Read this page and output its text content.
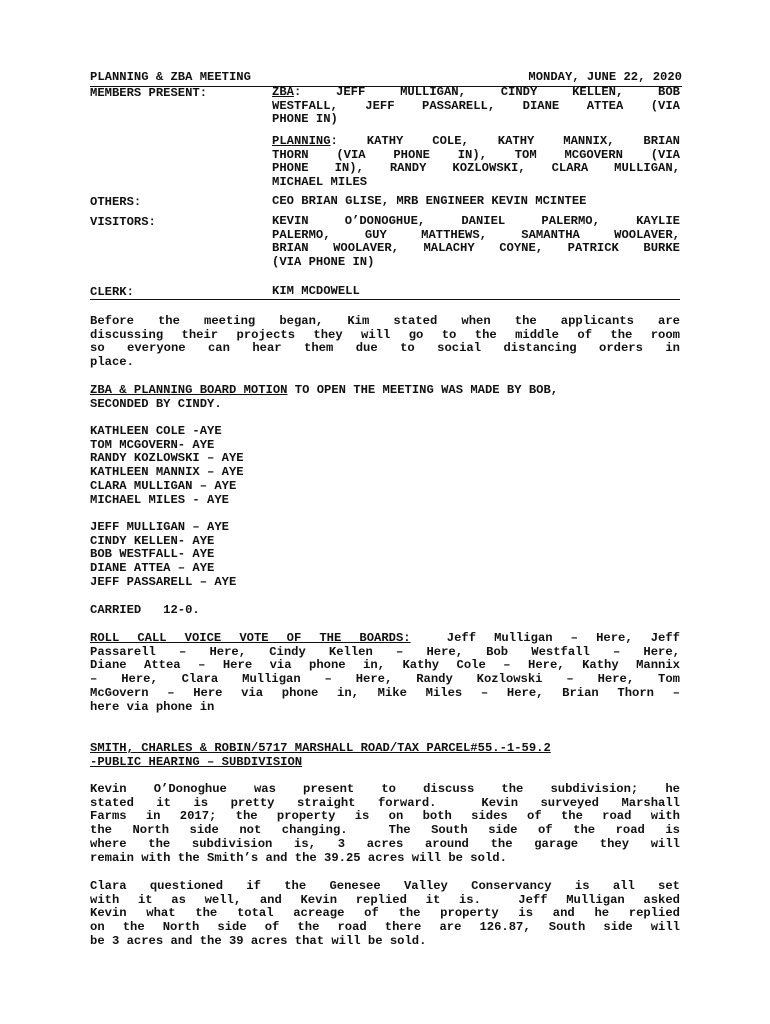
PLANNING & ZBA MEETING	MONDAY, JUNE 22, 2020
MEMBERS PRESENT:	ZBA: JEFF MULLIGAN, CINDY KELLEN, BOB
WESTFALL, JEFF PASSARELL, DIANE ATTEA (VIA
PHONE IN)
PLANNING: KATHY COLE, KATHY MANNIX, BRIAN
THORN (VIA PHONE IN), TOM MCGOVERN (VIA
PHONE IN), RANDY KOZLOWSKI, CLARA MULLIGAN,
MICHAEL MILES
OTHERS:	CEO BRIAN GLISE, MRB ENGINEER KEVIN MCINTEE
VISITORS:	KEVIN O’DONOGHUE, DANIEL PALERMO, KAYLIE
PALERMO, GUY MATTHEWS, SAMANTHA WOOLAVER,
BRIAN WOOLAVER, MALACHY COYNE, PATRICK BURKE
(VIA PHONE IN)
CLERK:	KIM MCDOWELL
Before the meeting began, Kim stated when the applicants are
discussing their projects they will go to the middle of the room
so everyone can hear them due to social distancing orders in
place.
ZBA & PLANNING BOARD MOTION TO OPEN THE MEETING WAS MADE BY BOB,
SECONDED BY CINDY.
KATHLEEN COLE -AYE
TOM MCGOVERN- AYE
RANDY KOZLOWSKI – AYE
KATHLEEN MANNIX – AYE
CLARA MULLIGAN – AYE
MICHAEL MILES - AYE
JEFF MULLIGAN – AYE
CINDY KELLEN- AYE
BOB WESTFALL- AYE
DIANE ATTEA – AYE
JEFF PASSARELL – AYE
CARRIED   12-0.
ROLL CALL VOICE VOTE OF THE BOARDS:  Jeff Mulligan – Here, Jeff
Passarell – Here, Cindy Kellen – Here, Bob Westfall – Here,
Diane Attea – Here via phone in, Kathy Cole – Here, Kathy Mannix
– Here, Clara Mulligan – Here, Randy Kozlowski – Here, Tom
McGovern – Here via phone in, Mike Miles – Here, Brian Thorn –
here via phone in
SMITH, CHARLES & ROBIN/5717 MARSHALL ROAD/TAX PARCEL#55.-1-59.2
-PUBLIC HEARING – SUBDIVISION
Kevin O’Donoghue was present to discuss the subdivision; he
stated it is pretty straight forward.  Kevin surveyed Marshall
Farms in 2017; the property is on both sides of the road with
the North side not changing.  The South side of the road is
where the subdivision is, 3 acres around the garage they will
remain with the Smith’s and the 39.25 acres will be sold.
Clara questioned if the Genesee Valley Conservancy is all set
with it as well, and Kevin replied it is.  Jeff Mulligan asked
Kevin what the total acreage of the property is and he replied
on the North side of the road there are 126.87, South side will
be 3 acres and the 39 acres that will be sold.
